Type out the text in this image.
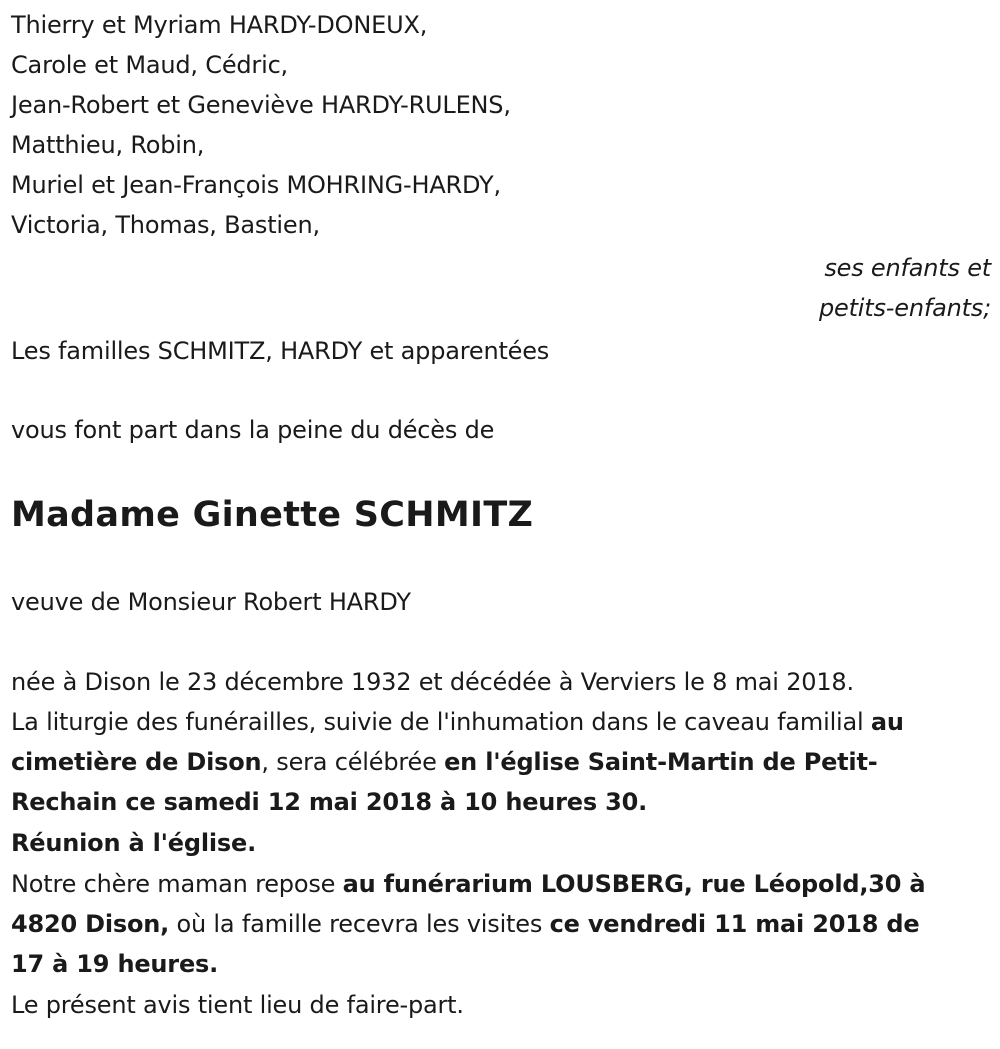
Thierry et Myriam HARDY-DONEUX,
Carole et Maud, Cédric,
Jean-Robert et Geneviève HARDY-RULENS,
Matthieu, Robin,
Muriel et Jean-François MOHRING-HARDY,
Victoria, Thomas, Bastien,
ses enfants et
petits-enfants;
Les familles SCHMITZ, HARDY et apparentées
vous font part dans la peine du décès de
Madame Ginette SCHMITZ
veuve de Monsieur Robert HARDY
née à Dison le 23 décembre 1932 et décédée à Verviers le 8 mai 2018.
La liturgie des funérailles, suivie de l'inhumation dans le caveau familial au cimetière de Dison, sera célébrée en l'église Saint-Martin de Petit-
Rechain ce samedi 12 mai 2018 à 10 heures 30.
Réunion à l'église.
Notre chère maman repose au funérarium LOUSBERG, rue Léopold,30 à
4820 Dison, où la famille recevra les visites ce vendredi 11 mai 2018 de
17 à 19 heures.
Le présent avis tient lieu de faire-part.
